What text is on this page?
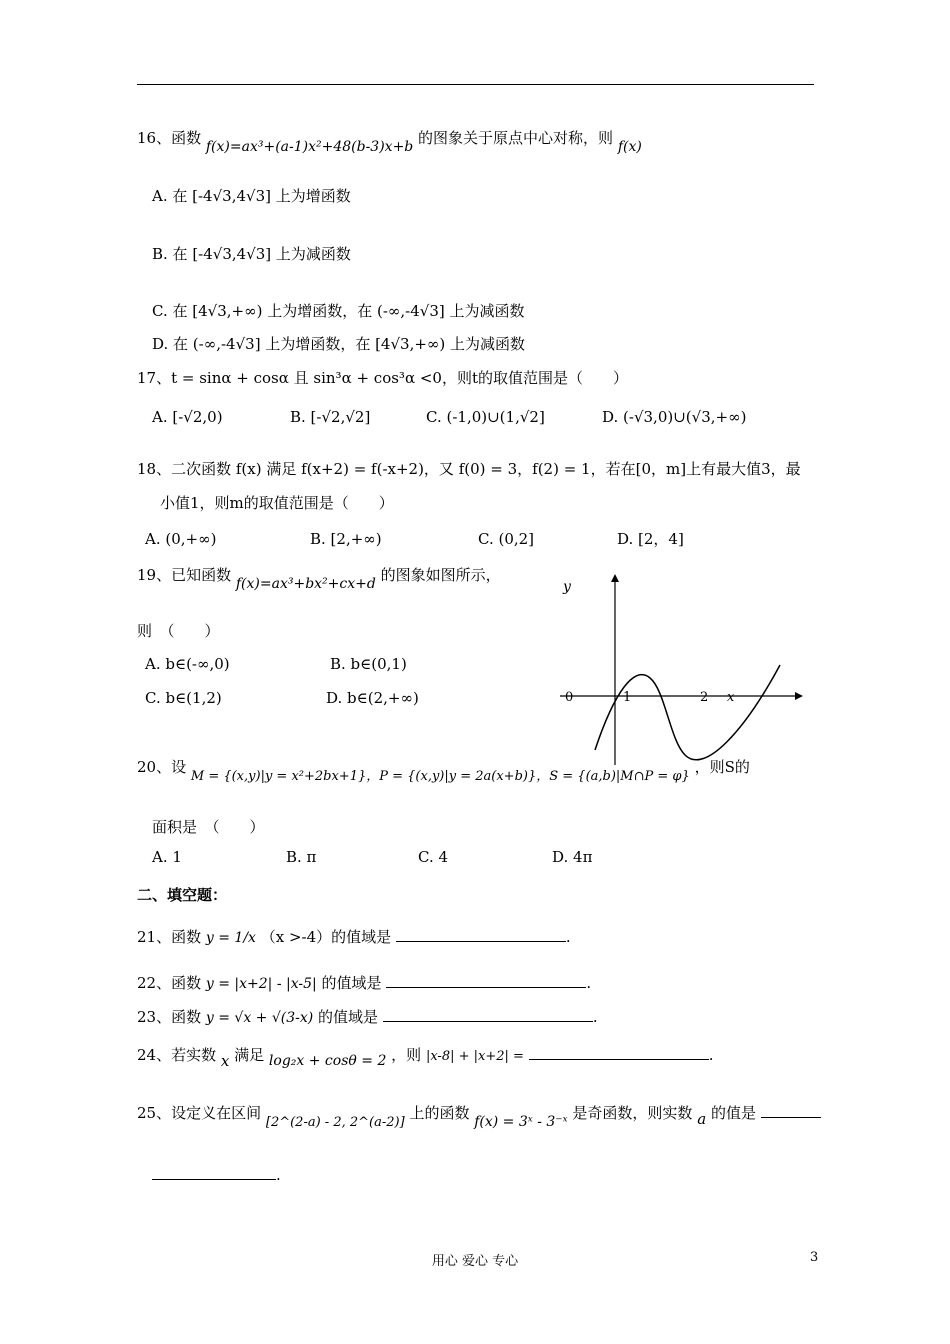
16、函数 f(x)=ax³+(a-1)x²+48(b-3)x+b 的图象关于原点中心对称，则 f(x)
A. 在 [-4√3,4√3] 上为增函数
B. 在 [-4√3,4√3] 上为减函数
C. 在 [4√3,+∞) 上为增函数，在 (-∞,-4√3] 上为减函数
D. 在 (-∞,-4√3] 上为增函数，在 [4√3,+∞) 上为减函数
17、t = sinα + cosα 且 sin³α + cos³α <0，则t的取值范围是（　　）
A. [-√2,0)	B. [-√2,√2]	C. (-1,0)∪(1,√2]	D. (-√3,0)∪(√3,+∞)
18、二次函数 f(x) 满足 f(x+2) = f(-x+2)，又 f(0) = 3，f(2) = 1，若在[0，m]上有最大值3，最
小值1，则m的取值范围是（　　）
A. (0,+∞)	B. [2,+∞)	C. (0,2]	D. [2，4]
19、已知函数 f(x)=ax³+bx²+cx+d 的图象如图所示，
则　（　　）
A. b∈(-∞,0)	B. b∈(0,1)
C. b∈(1,2)	D. b∈(2,+∞)
y
x
0	1	2
20、设 M = {(x,y)|y = x²+2bx+1}，P = {(x,y)|y = 2a(x+b)}，S = {(a,b)|M∩P = φ} ，则S的
面积是　（　　）
A. 1	B. π	C. 4	D. 4π
二、填空题：
21、函数 y = 1/x （x >-4）的值域是	.
22、函数 y = |x+2| - |x-5| 的值域是	.
23、函数 y = √x + √(3-x) 的值域是	.
24、若实数 x 满足 log₂x + cosθ = 2 ，则 |x-8| + |x+2| =	.
25、设定义在区间 [2^(2-a) - 2, 2^(a-2)] 上的函数 f(x) = 3ˣ - 3⁻ˣ 是奇函数，则实数 a 的值是
.
用心 爱心 专心	3
